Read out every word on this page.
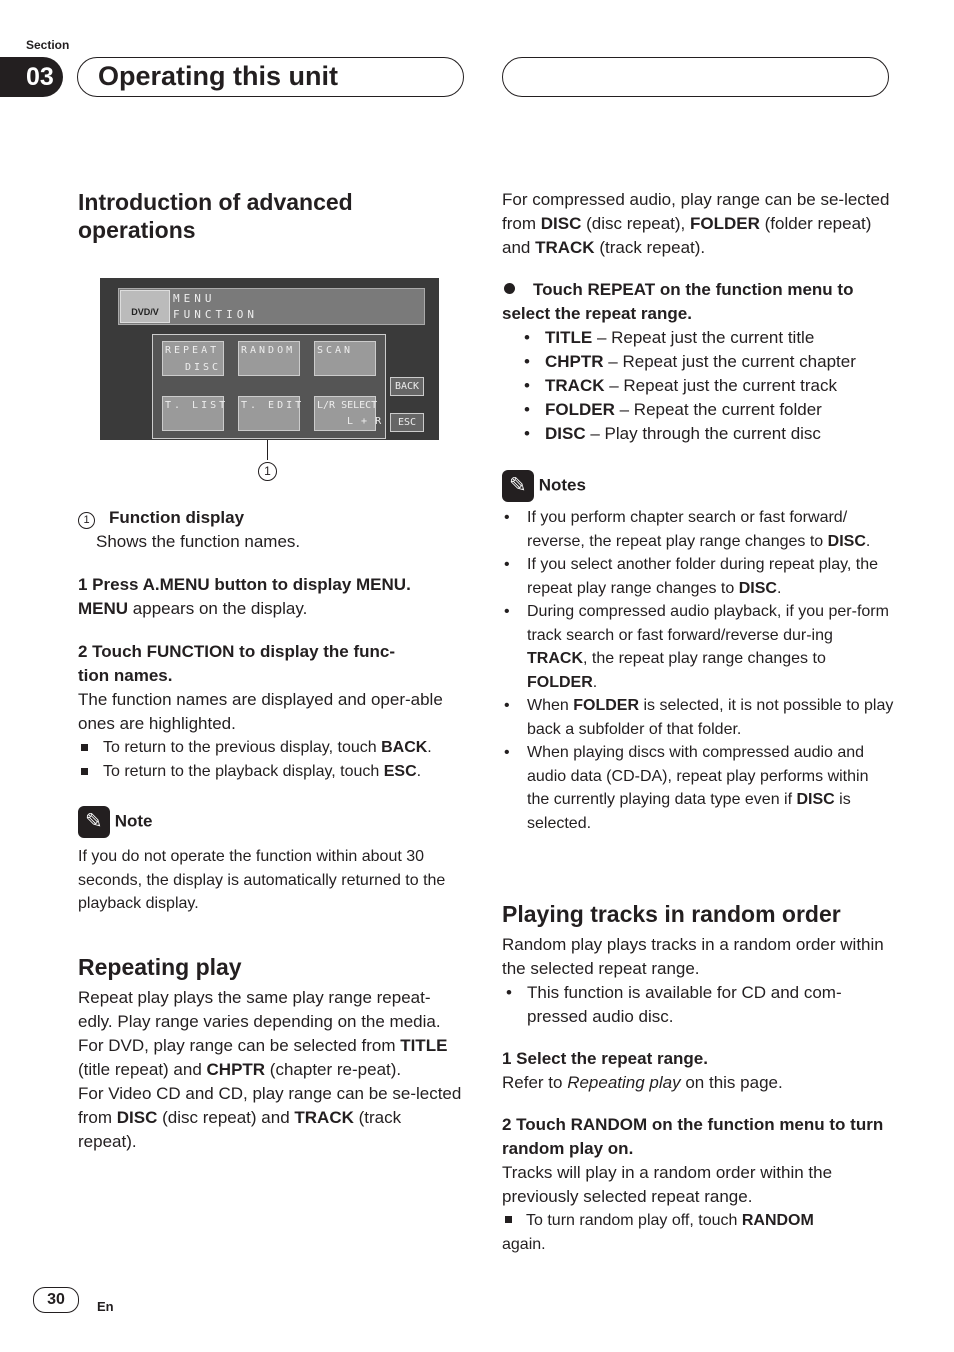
Section
03	Operating this unit
Introduction of advanced operations
DVD/V
MENU
FUNCTION
REPEAT
DISC
RANDOM SCAN
T. LIST T. EDIT L/R SELECT
L + R
BACK
ESC
1

1 Function display

Shows the function names.

1 Press A.MENU button to display MENU.

MENU appears on the display.

2 Touch FUNCTION to display the func-

tion names.

The function names are displayed and oper-able ones are highlighted.

To return to the previous display, touch BACK.

To return to the playback display, touch ESC.

✎ Note

If you do not operate the function within about 30 seconds, the display is automatically returned to the playback display.
Repeating play

Repeat play plays the same play range repeat-edly. Play range varies depending on the media.

For DVD, play range can be selected from TITLE (title repeat) and CHPTR (chapter re-peat).

For Video CD and CD, play range can be se-lected from DISC (disc repeat) and TRACK (track repeat).

For compressed audio, play range can be se-lected from DISC (disc repeat), FOLDER (folder repeat) and TRACK (track repeat).

Touch REPEAT on the function menu to select the repeat range.

• TITLE – Repeat just the current title

• CHPTR – Repeat just the current chapter

• TRACK – Repeat just the current track

• FOLDER – Repeat the current folder

• DISC – Play through the current disc

✎ Notes

• If you perform chapter search or fast forward/ reverse, the repeat play range changes to DISC.

• If you select another folder during repeat play, the repeat play range changes to DISC.

• During compressed audio playback, if you per-form track search or fast forward/reverse dur-ing TRACK, the repeat play range changes to FOLDER.

• When FOLDER is selected, it is not possible to play back a subfolder of that folder.

• When playing discs with compressed audio and audio data (CD-DA), repeat play performs within the currently playing data type even if DISC is selected.

Playing tracks in random order

Random play plays tracks in a random order within the selected repeat range.

• This function is available for CD and com-pressed audio disc.

1 Select the repeat range.

Refer to Repeating play on this page.

2 Touch RANDOM on the function menu to turn random play on.

Tracks will play in a random order within the previously selected repeat range.

To turn random play off, touch RANDOM
again.

30	En
